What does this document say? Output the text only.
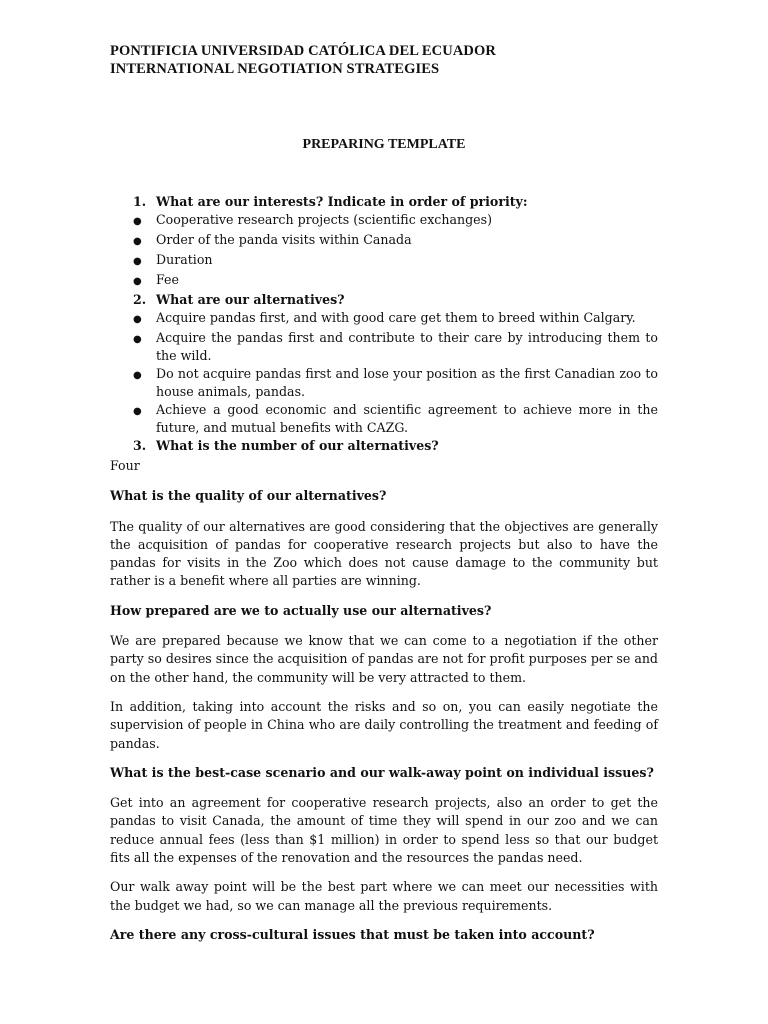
PONTIFICIA UNIVERSIDAD CATÓLICA DEL ECUADOR
INTERNATIONAL NEGOTIATION STRATEGIES
PREPARING TEMPLATE
1. What are our interests? Indicate in order of priority:
●	Cooperative research projects (scientific exchanges)
●	Order of the panda visits within Canada
●	Duration
●	Fee
2. What are our alternatives?
●	Acquire pandas first, and with good care get them to breed within Calgary.
●	Acquire the pandas first and contribute to their care by introducing them to the wild.
●	Do not acquire pandas first and lose your position as the first Canadian zoo to house animals, pandas.
●	Achieve a good economic and scientific agreement to achieve more in the future, and mutual benefits with CAZG.
3. What is the number of our alternatives?

Four

What is the quality of our alternatives?

The quality of our alternatives are good considering that the objectives are generally the acquisition of pandas for cooperative research projects but also to have the pandas for visits in the Zoo which does not cause damage to the community but rather is a benefit where all parties are winning.

How prepared are we to actually use our alternatives?

We are prepared because we know that we can come to a negotiation if the other party so desires since the acquisition of pandas are not for profit purposes per se and on the other hand, the community will be very attracted to them.

In addition, taking into account the risks and so on, you can easily negotiate the supervision of people in China who are daily controlling the treatment and feeding of pandas.

What is the best-case scenario and our walk-away point on individual issues?

Get into an agreement for cooperative research projects, also an order to get the pandas to visit Canada, the amount of time they will spend in our zoo and we can reduce annual fees (less than $1 million) in order to spend less so that our budget fits all the expenses of the renovation and the resources the pandas need.

Our walk away point will be the best part where we can meet our necessities with the budget we had, so we can manage all the previous requirements.

Are there any cross-cultural issues that must be taken into account?
